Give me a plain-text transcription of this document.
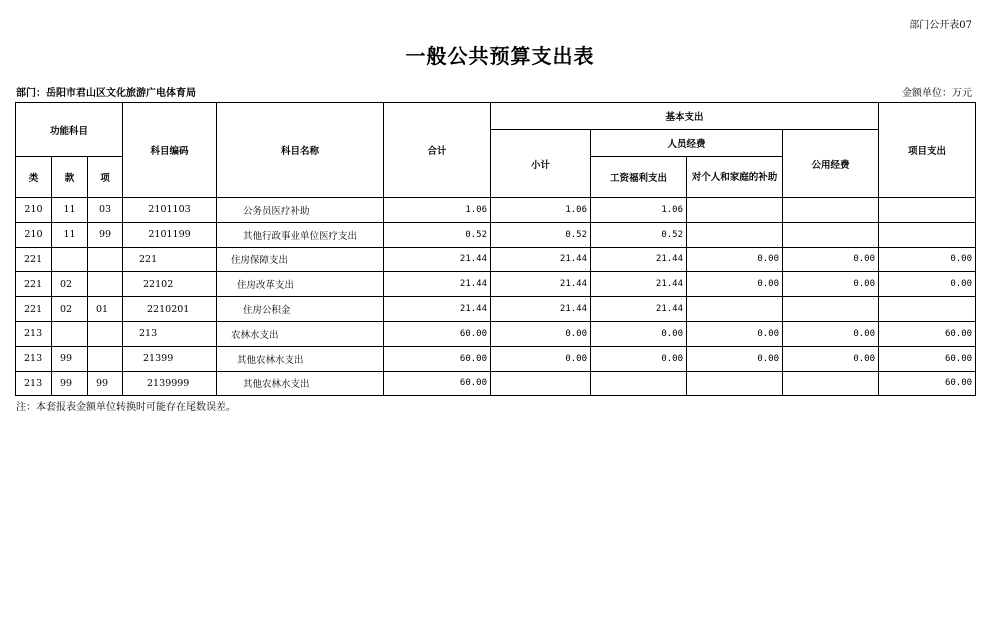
部门公开表07
一般公共预算支出表
部门：岳阳市君山区文化旅游广电体育局	金额单位：万元
功能科目			科目编码	科目名称	合计	基本支出				项目支出
						小计	人员经费		公用经费	
类	款	项					工资福利支出	对个人和家庭的补助		
210	11	03	2101103	公务员医疗补助	1.06	1.06	1.06			
210	11	99	2101199	其他行政事业单位医疗支出	0.52	0.52	0.52			
221			221	住房保障支出	21.44	21.44	21.44	0.00	0.00	0.00
221	02		22102	住房改革支出	21.44	21.44	21.44	0.00	0.00	0.00
221	02	01	2210201	住房公积金	21.44	21.44	21.44			
213			213	农林水支出	60.00	0.00	0.00	0.00	0.00	60.00
213	99		21399	其他农林水支出	60.00	0.00	0.00	0.00	0.00	60.00
213	99	99	2139999	其他农林水支出	60.00					60.00
注：本套报表金额单位转换时可能存在尾数误差。
